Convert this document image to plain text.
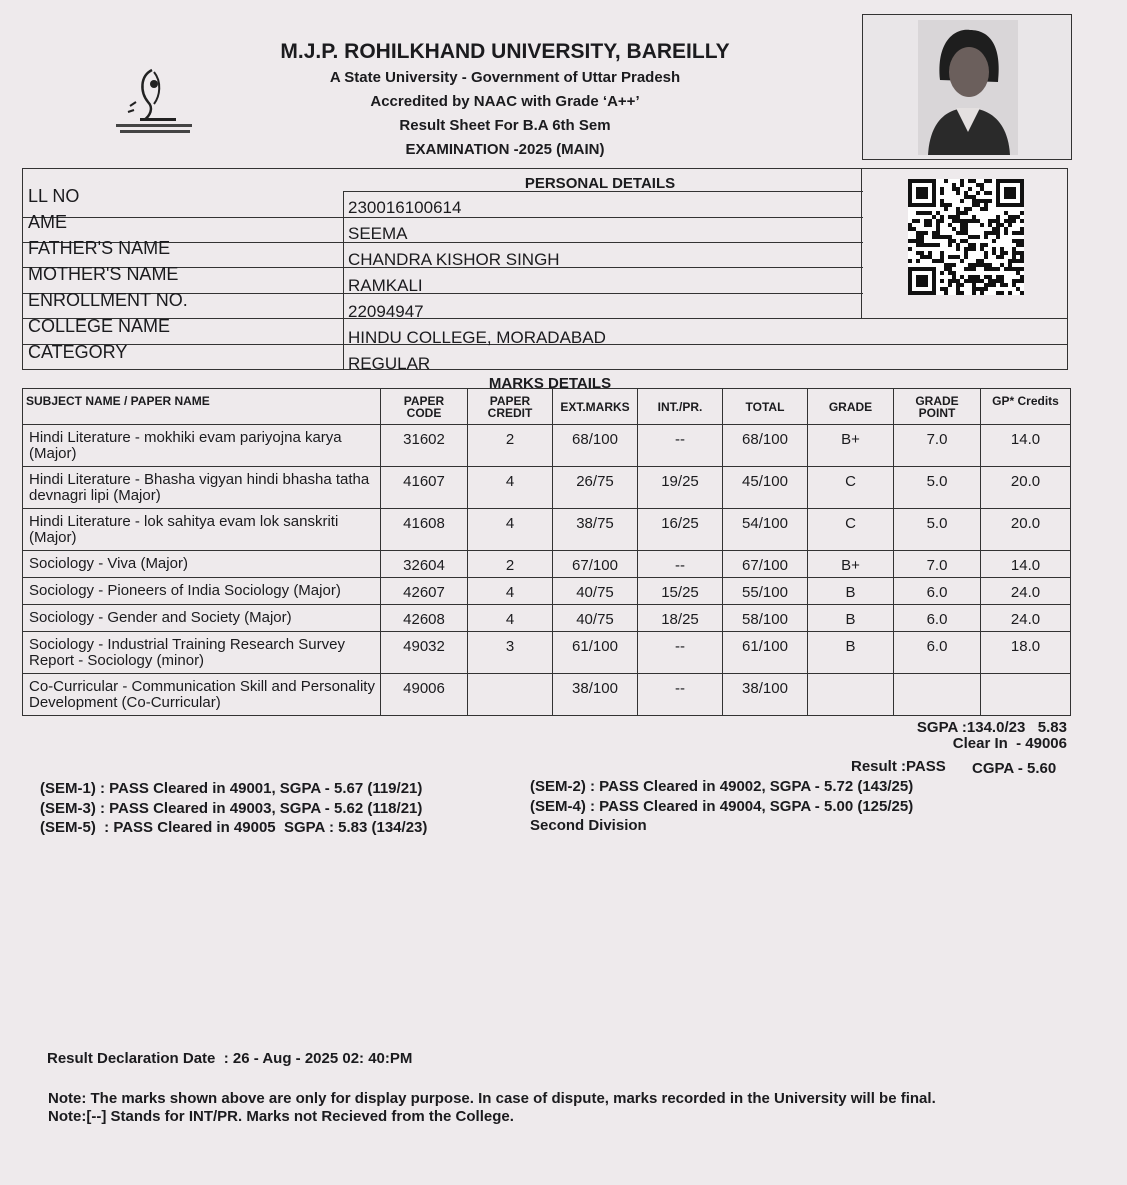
M.J.P. ROHILKHAND UNIVERSITY, BAREILLY
A State University - Government of Uttar Pradesh
Accredited by NAAC with Grade ‘A++’
Result Sheet For B.A 6th Sem
EXAMINATION -2025 (MAIN)
PERSONAL DETAILS
LL NO
230016100614
AME
SEEMA
FATHER'S NAME
CHANDRA KISHOR SINGH
MOTHER'S NAME
RAMKALI
ENROLLMENT NO.
22094947
COLLEGE NAME
HINDU COLLEGE, MORADABAD
CATEGORY
REGULAR
MARKS DETAILS
SUBJECT NAME / PAPER NAME	PAPER CODE	PAPER CREDIT	EXT.MARKS	INT./PR.	TOTAL	GRADE	GRADE POINT	GP* Credits
Hindi Literature - mokhiki evam pariyojna karya (Major)	31602	2	68/100	--	68/100	B+	7.0	14.0
Hindi Literature - Bhasha vigyan hindi bhasha tatha devnagri lipi (Major)	41607	4	26/75	19/25	45/100	C	5.0	20.0
Hindi Literature - lok sahitya evam lok sanskriti (Major)	41608	4	38/75	16/25	54/100	C	5.0	20.0
Sociology - Viva (Major)	32604	2	67/100	--	67/100	B+	7.0	14.0
Sociology - Pioneers of India Sociology (Major)	42607	4	40/75	15/25	55/100	B	6.0	24.0
Sociology - Gender and Society (Major)	42608	4	40/75	18/25	58/100	B	6.0	24.0
Sociology - Industrial Training Research Survey Report - Sociology (minor)	49032	3	61/100	--	61/100	B	6.0	18.0
Co-Curricular - Communication Skill and Personality Development (Co-Curricular)	49006		38/100	--	38/100			
SGPA :134.0/23   5.83
Clear In  - 49006
Result :PASS CGPA - 5.60
(SEM-1) : PASS Cleared in 49001, SGPA - 5.67 (119/21)	(SEM-2) : PASS Cleared in 49002, SGPA - 5.72 (143/25)
(SEM-3) : PASS Cleared in 49003, SGPA - 5.62 (118/21)	(SEM-4) : PASS Cleared in 49004, SGPA - 5.00 (125/25)
(SEM-5)  : PASS Cleared in 49005  SGPA : 5.83 (134/23)	Second Division
Result Declaration Date  : 26 - Aug - 2025 02: 40:PM
Note: The marks shown above are only for display purpose. In case of dispute, marks recorded in the University will be final.
Note:[--] Stands for INT/PR. Marks not Recieved from the College.
